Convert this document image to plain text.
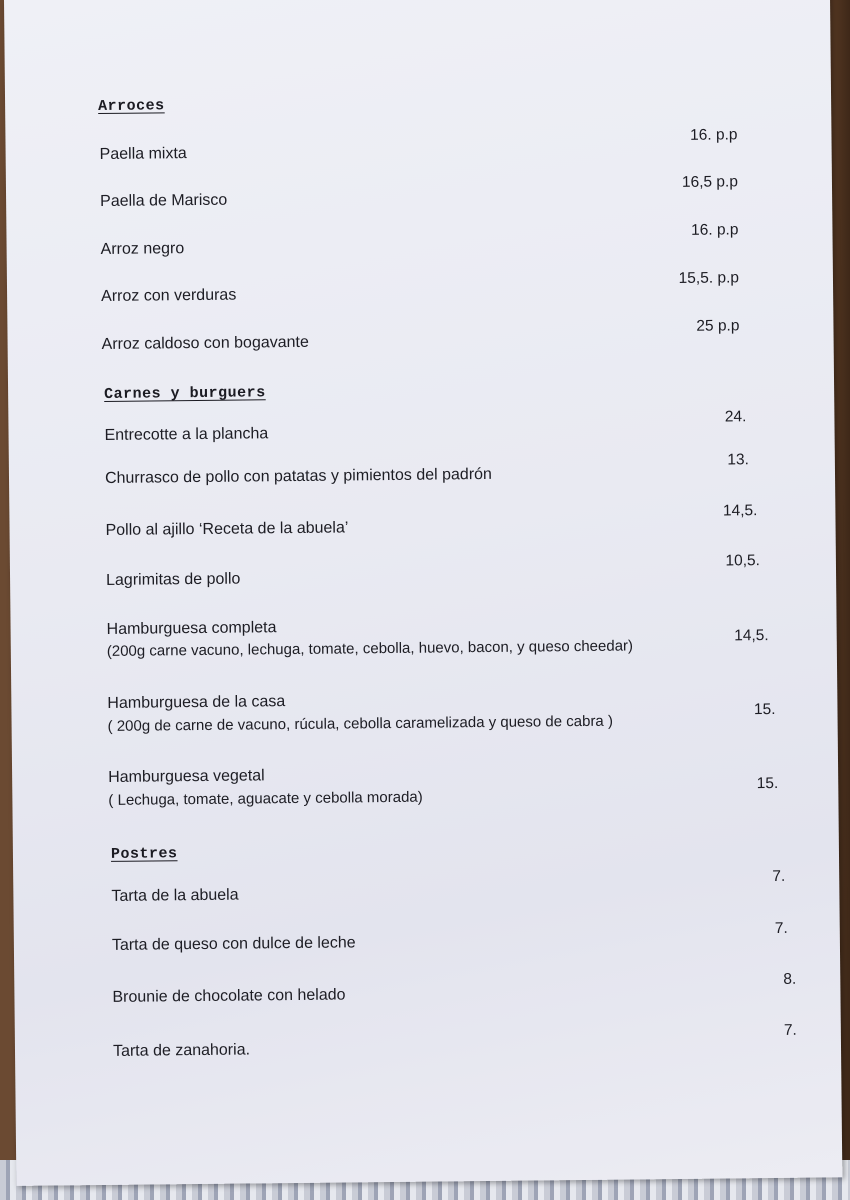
Arroces
Paella mixta
16. p.p
Paella de Marisco
16,5 p.p
Arroz negro
16. p.p
Arroz con verduras
15,5. p.p
Arroz caldoso con bogavante
25 p.p
Carnes y burguers
Entrecotte a la plancha
24.
Churrasco de pollo con patatas y pimientos del padrón
13.
Pollo al ajillo ‘Receta de la abuela’
14,5.
Lagrimitas de pollo
10,5.
Hamburguesa completa
(200g carne vacuno, lechuga, tomate, cebolla, huevo, bacon, y queso cheedar)
14,5.
Hamburguesa de la casa
( 200g de carne de vacuno, rúcula, cebolla caramelizada y queso de cabra )
15.
Hamburguesa vegetal
( Lechuga, tomate, aguacate y cebolla morada)
15.
Postres
Tarta de la abuela
7.
Tarta de queso con dulce de leche
7.
Brounie de chocolate con helado
8.
Tarta de zanahoria.
7.
